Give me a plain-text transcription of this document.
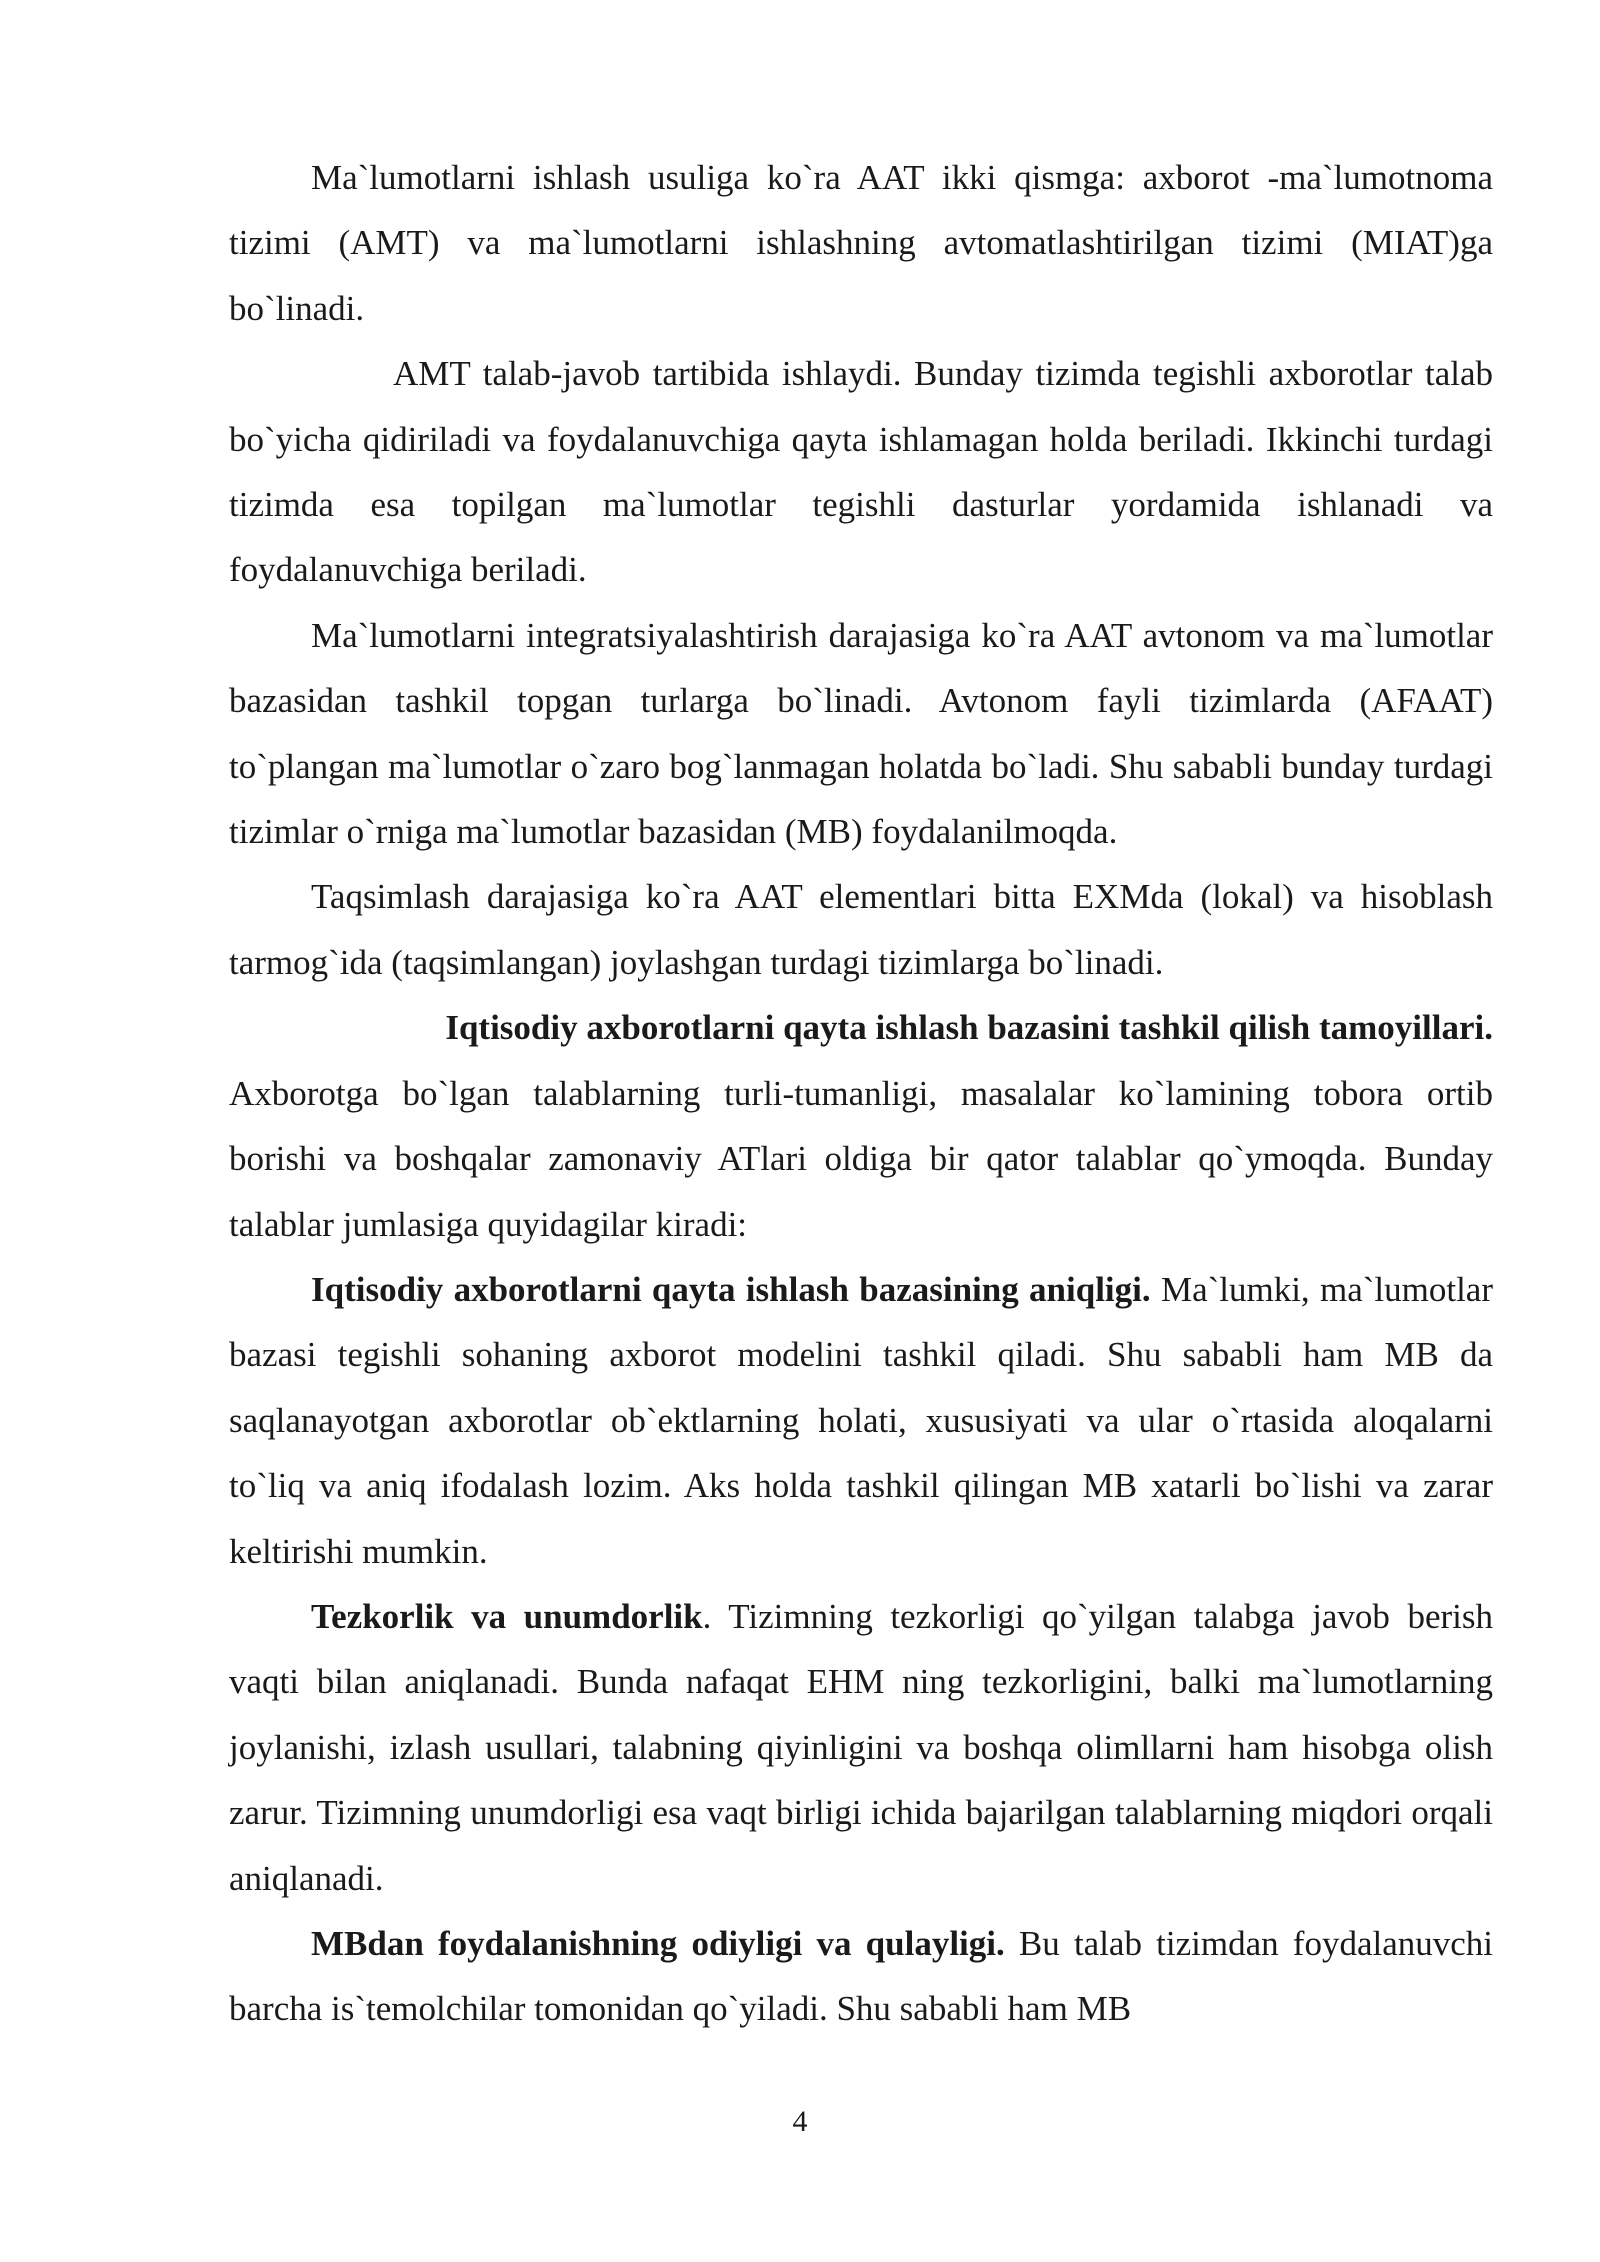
Ma`lumotlarni ishlash usuliga ko`ra AAT ikki qismga: axborot -ma`lumotnoma tizimi (AMT) va ma`lumotlarni ishlashning avtomatlashtirilgan tizimi (MIAT)ga bo`linadi.

AMT talab-javob tartibida ishlaydi. Bunday tizimda tegishli axborotlar talab bo`yicha qidiriladi va foydalanuvchiga qayta ishlamagan holda beriladi. Ikkinchi turdagi tizimda esa topilgan ma`lumotlar tegishli dasturlar yordamida ishlanadi va foydalanuvchiga beriladi.

Ma`lumotlarni integratsiyalashtirish darajasiga ko`ra AAT avtonom va ma`lumotlar bazasidan tashkil topgan turlarga bo`linadi. Avtonom fayli tizimlarda (AFAAT) to`plangan ma`lumotlar o`zaro bog`lanmagan holatda bo`ladi. Shu sababli bunday turdagi tizimlar o`rniga ma`lumotlar bazasidan (MB) foydalanilmoqda.

Taqsimlash darajasiga ko`ra AAT elementlari bitta EXMda (lokal) va hisoblash tarmog`ida (taqsimlangan) joylashgan turdagi tizimlarga bo`linadi.

Iqtisodiy axborotlarni qayta ishlash bazasini tashkil qilish tamoyillari.

Axborotga bo`lgan talablarning turli-tumanligi, masalalar ko`lamining tobora ortib borishi va boshqalar zamonaviy ATlari oldiga bir qator talablar qo`ymoqda. Bunday talablar jumlasiga quyidagilar kiradi:

Iqtisodiy axborotlarni qayta ishlash bazasining aniqligi. Ma`lumki, ma`lumotlar bazasi tegishli sohaning axborot modelini tashkil qiladi. Shu sababli ham MB da saqlanayotgan axborotlar ob`ektlarning holati, xususiyati va ular o`rtasida aloqalarni to`liq va aniq ifodalash lozim. Aks holda tashkil qilingan MB xatarli bo`lishi va zarar keltirishi mumkin.

Tezkorlik va unumdorlik. Tizimning tezkorligi qo`yilgan talabga javob berish vaqti bilan aniqlanadi. Bunda nafaqat EHM ning tezkorliginі, balki ma`lumotlarning joylanishi, izlash usullari, talabning qiyinligini va boshqa olimllarni ham hisobga olish zarur. Tizimning unumdorligi esa vaqt birligi ichida bajarilgan talablarning miqdori orqali aniqlanadi.

MBdan foydalanishning odiyligi va qulayligi. Bu talab tizimdan foydalanuvchi barcha is`temolchilar tomonidan qo`yiladi. Shu sababli ham MB

4
